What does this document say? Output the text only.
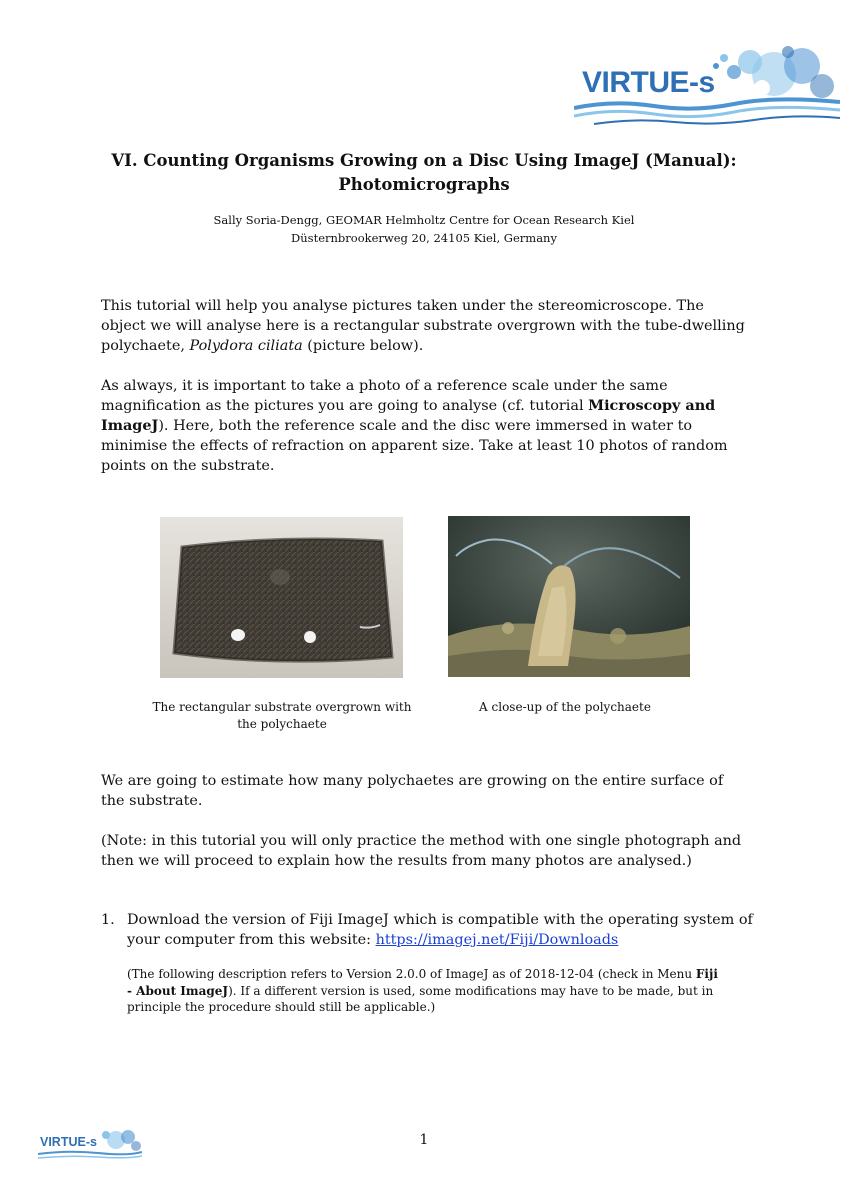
VIRTUE-s
VI. Counting Organisms Growing on a Disc Using ImageJ (Manual):
Photomicrographs
Sally Soria-Dengg, GEOMAR Helmholtz Centre for Ocean Research Kiel
Düsternbrookerweg 20, 24105 Kiel, Germany
This tutorial will help you analyse pictures taken under the stereomicroscope. The object we will analyse here is a rectangular substrate overgrown with the tube-dwelling polychaete, Polydora ciliata (picture below).
As always, it is important to take a photo of a reference scale under the same magnification as the pictures you are going to analyse (cf. tutorial Microscopy and ImageJ). Here, both the reference scale and the disc were immersed in water to minimise the effects of refraction on apparent size. Take at least 10 photos of random points on the substrate.
The rectangular substrate overgrown with the polychaete
A close-up of the polychaete
We are going to estimate how many polychaetes are growing on the entire surface of the substrate.
(Note: in this tutorial you will only practice the method with one single photograph and then we will proceed to explain how the results from many photos are analysed.)
1. Download the version of Fiji ImageJ which is compatible with the operating system of your computer from this website: https://imagej.net/Fiji/Downloads
(The following description refers to Version 2.0.0 of ImageJ as of 2018-12-04 (check in Menu Fiji - About ImageJ). If a different version is used, some modifications may have to be made, but in principle the procedure should still be applicable.)
VIRTUE-s	1
